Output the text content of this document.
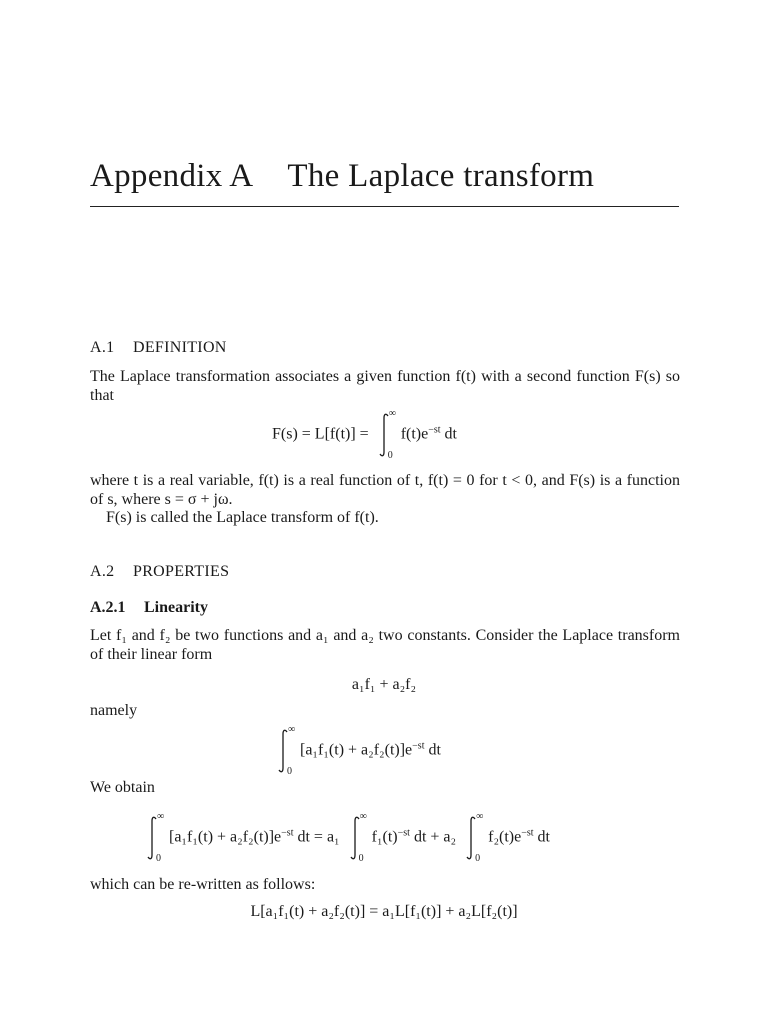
Appendix A The Laplace transform
A.1 DEFINITION
The Laplace transformation associates a given function f(t) with a second function F(s) so that
F(s) = L[f(t)] =
∞
0
$f(t)e^{-st}$ dt
where t is a real variable, f(t) is a real function of t, f(t) = 0 for t < 0, and F(s) is a function of s, where s = σ + jω.
F(s) is called the Laplace transform of f(t).
A.2 PROPERTIES
A.2.1 Linearity
Let f₁ and f₂ be two functions and a₁ and a₂ two constants. Consider the Laplace transform of their linear form
a₁f₁ + a₂f₂
namely
∞
0
$[a_1f_1(t) + a_2f_2(t)]e^{-st}$ dt
We obtain
∞
0
$[a_1f_1(t) + a_2f_2(t)]e^{-st}$ dt = a₁
∞
0
$f_1(t)^{-st}$ dt + a₂
∞
0
$f_2(t)e^{-st}$ dt
which can be re-written as follows:
L[a₁f₁(t) + a₂f₂(t)] = a₁L[f₁(t)] + a₂L[f₂(t)]
